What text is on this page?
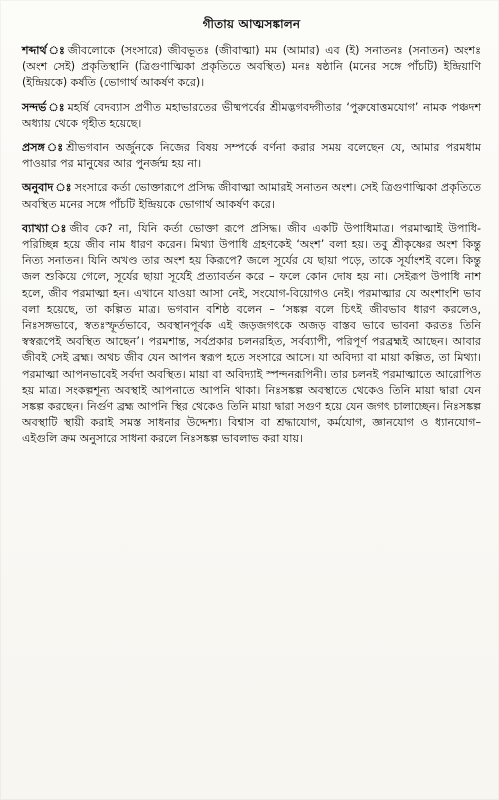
গীতায় আত্মসঙ্কালন
শব্দার্থ ঃ জীবলোকে (সংসারে) জীবভূতঃ (জীবাত্মা) মম (আমার) এব (ই) সনাতনঃ (সনাতন) অংশঃ (অংশ সেই) প্রকৃতিস্থানি (ত্রিগুণাত্মিকা প্রকৃতিতে অবস্থিত) মনঃ ষষ্ঠানি (মনের সঙ্গে পাঁচটি) ইন্দ্রিয়াণি (ইন্দ্রিয়কে) কর্ষতি (ভোগার্থ আকর্ষণ করে)।
সন্দর্ভ ঃ মহর্ষি বেদব্যাস প্রণীত মহাভারতের ভীষ্মপর্বের শ্রীমদ্ভগবদ্গীতার ‘পুরুষোত্তমযোগ’ নামক পঞ্চদশ অধ্যায় থেকে গৃহীত হয়েছে।
প্রসঙ্গ ঃ শ্রীভগবান অর্জুনকে নিজের বিষয় সম্পর্কে বর্ণনা করার সময় বলেছেন যে, আমার পরমধাম পাওয়ার পর মানুষের আর পুনর্জন্ম হয় না।
অনুবাদ ঃ সংসারে কর্তা ভোক্তারূপে প্রসিদ্ধ জীবাত্মা আমারই সনাতন অংশ। সেই ত্রিগুণাত্মিকা প্রকৃতিতে অবস্থিত মনের সঙ্গে পাঁচটি ইন্দ্রিয়কে ভোগার্থ আকর্ষণ করে।
ব্যাখ্যা ঃ জীব কে? না, যিনি কর্তা ভোক্তা রূপে প্রসিদ্ধ। জীব একটি উপাধিমাত্র। পরমাত্মাই উপাধি-পরিচ্ছিন্ন হয়ে জীব নাম ধারণ করেন। মিথ্যা উপাধি গ্রহণকেই ‘অংশ’ বলা হয়। তবু শ্রীকৃষ্ণের অংশ কিন্তু নিত্য সনাতন। যিনি অখণ্ড তার অংশ হয় কিরূপে? জলে সূর্যের যে ছায়া পড়ে, তাকে সূর্যাংশই বলে। কিন্তু জল শুকিয়ে গেলে, সূর্যের ছায়া সূর্যেই প্রত্যাবর্তন করে – ফলে কোন দোষ হয় না। সেইরূপ উপাধি নাশ হলে, জীব পরমাত্মা হন। এখানে যাওয়া আসা নেই, সংযোগ-বিয়োগও নেই। পরমাত্মার যে অংশাংশি ভাব বলা হয়েছে, তা কল্পিত মাত্র। ভগবান বশিষ্ঠ বলেন – ‘সঙ্কল্প বলে চিৎই জীবভাব ধারণ করলেও, নিঃসঙ্গভাবে, স্বতঃস্ফূর্তভাবে, অবস্থানপূর্বক এই জড়জগৎকে অজড় বাস্তব ভাবে ভাবনা করতঃ তিনি স্বস্বরূপেই অবস্থিত আছেন’। পরমশান্ত, সর্বপ্রকার চলনরহিত, সর্বব্যাপী, পরিপূর্ণ পরব্রহ্মই আছেন। আবার জীবই সেই ব্রহ্ম। অথচ জীব যেন আপন স্বরূপ হতে সংসারে আসে। যা অবিদ্যা বা মায়া কল্পিত, তা মিথ্যা। পরমাত্মা আপনভাবেই সর্বদা অবস্থিত। মায়া বা অবিদ্যাই স্পন্দনরূপিনী। তার চলনই পরমাত্মাতে আরোপিত হয় মাত্র। সংকল্পশূন্য অবস্থাই আপনাতে আপনি থাকা। নিঃসঙ্কল্প অবস্থাতে থেকেও তিনি মায়া দ্বারা যেন সঙ্কল্প করছেন। নির্গুণ ব্রহ্ম আপনি স্থির থেকেও তিনি মায়া দ্বারা সগুণ হয়ে যেন জগৎ চালাচ্ছেন। নিঃসঙ্কল্প অবস্থাটি স্থায়ী করাই সমস্ত সাধনার উদ্দেশ্য। বিশ্বাস বা শ্রদ্ধাযোগ, কর্মযোগ, জ্ঞানযোগ ও ধ্যানযোগ– এইগুলি ক্রম অনুসারে সাধনা করলে নিঃসঙ্কল্প ভাবলাভ করা যায়।
